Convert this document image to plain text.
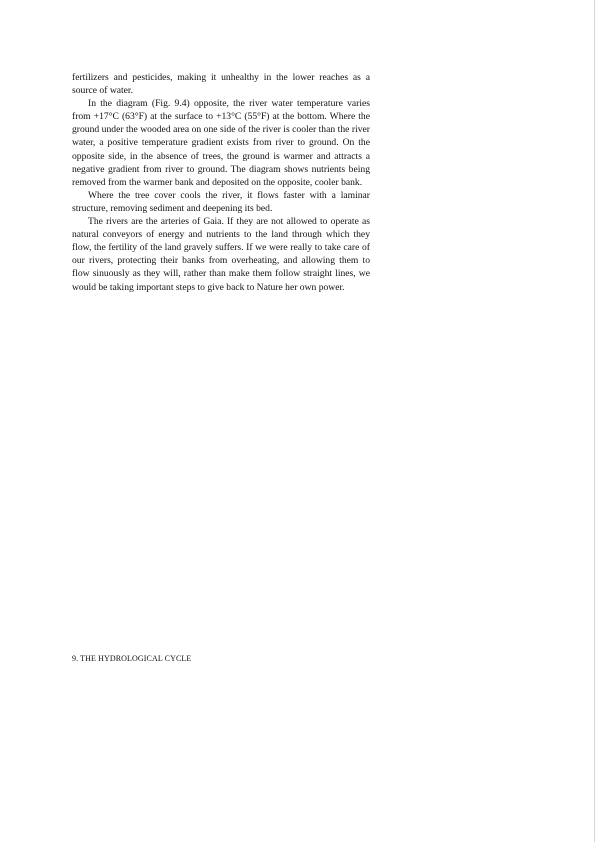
fertilizers and pesticides, making it unhealthy in the lower reaches as a source of water.

In the diagram (Fig. 9.4) opposite, the river water temperature varies from +17°C (63°F) at the surface to +13°C (55°F) at the bottom. Where the ground under the wooded area on one side of the river is cooler than the river water, a positive temperature gradient exists from river to ground. On the opposite side, in the absence of trees, the ground is warmer and attracts a negative gradient from river to ground. The diagram shows nutrients being removed from the warmer bank and deposited on the opposite, cooler bank.

Where the tree cover cools the river, it flows faster with a laminar structure, removing sediment and deepening its bed.

The rivers are the arteries of Gaia. If they are not allowed to operate as natural conveyors of energy and nutrients to the land through which they flow, the fertility of the land gravely suffers. If we were really to take care of our rivers, protecting their banks from overheating, and allowing them to flow sinuously as they will, rather than make them follow straight lines, we would be taking important steps to give back to Nature her own power.

9. THE HYDROLOGICAL CYCLE
